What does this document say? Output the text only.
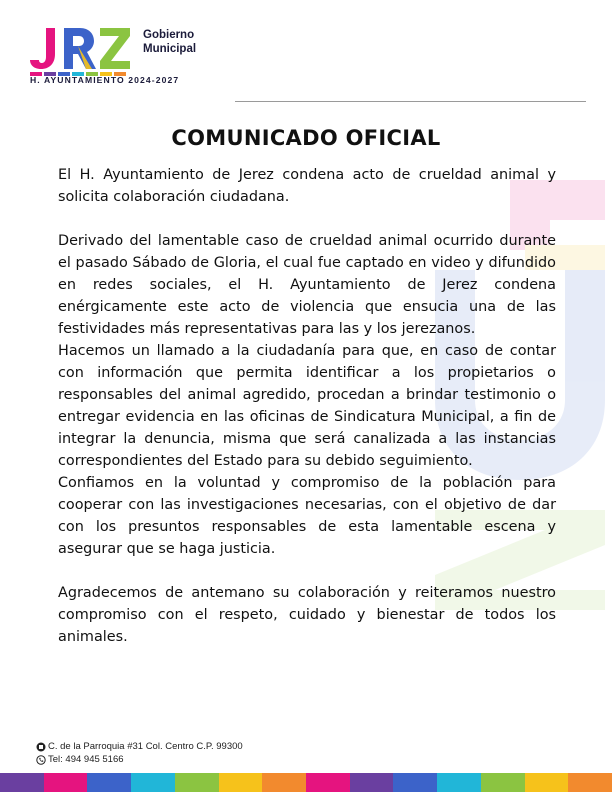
Gobierno
Municipal
H. AYUNTAMIENTO 2024-2027
COMUNICADO OFICIAL

El H. Ayuntamiento de Jerez condena acto de crueldad animal y solicita colaboración ciudadana.

Derivado del lamentable caso de crueldad animal ocurrido durante el pasado Sábado de Gloria, el cual fue captado en video y difundido en redes sociales, el H. Ayuntamiento de Jerez condena enérgicamente este acto de violencia que ensucia una de las festividades más representativas para las y los jerezanos.

Hacemos un llamado a la ciudadanía para que, en caso de contar con información que permita identificar a los propietarios o responsables del animal agredido, procedan a brindar testimonio o entregar evidencia en las oficinas de Sindicatura Municipal, a fin de integrar la denuncia, misma que será canalizada a las instancias correspondientes del Estado para su debido seguimiento.

Confiamos en la voluntad y compromiso de la población para cooperar con las investigaciones necesarias, con el objetivo de dar con los presuntos responsables de esta lamentable escena y asegurar que se haga justicia.

Agradecemos de antemano su colaboración y reiteramos nuestro compromiso con el respeto, cuidado y bienestar de todos los animales.

C. de la Parroquia #31 Col. Centro C.P. 99300
Tel: 494 945 5166
